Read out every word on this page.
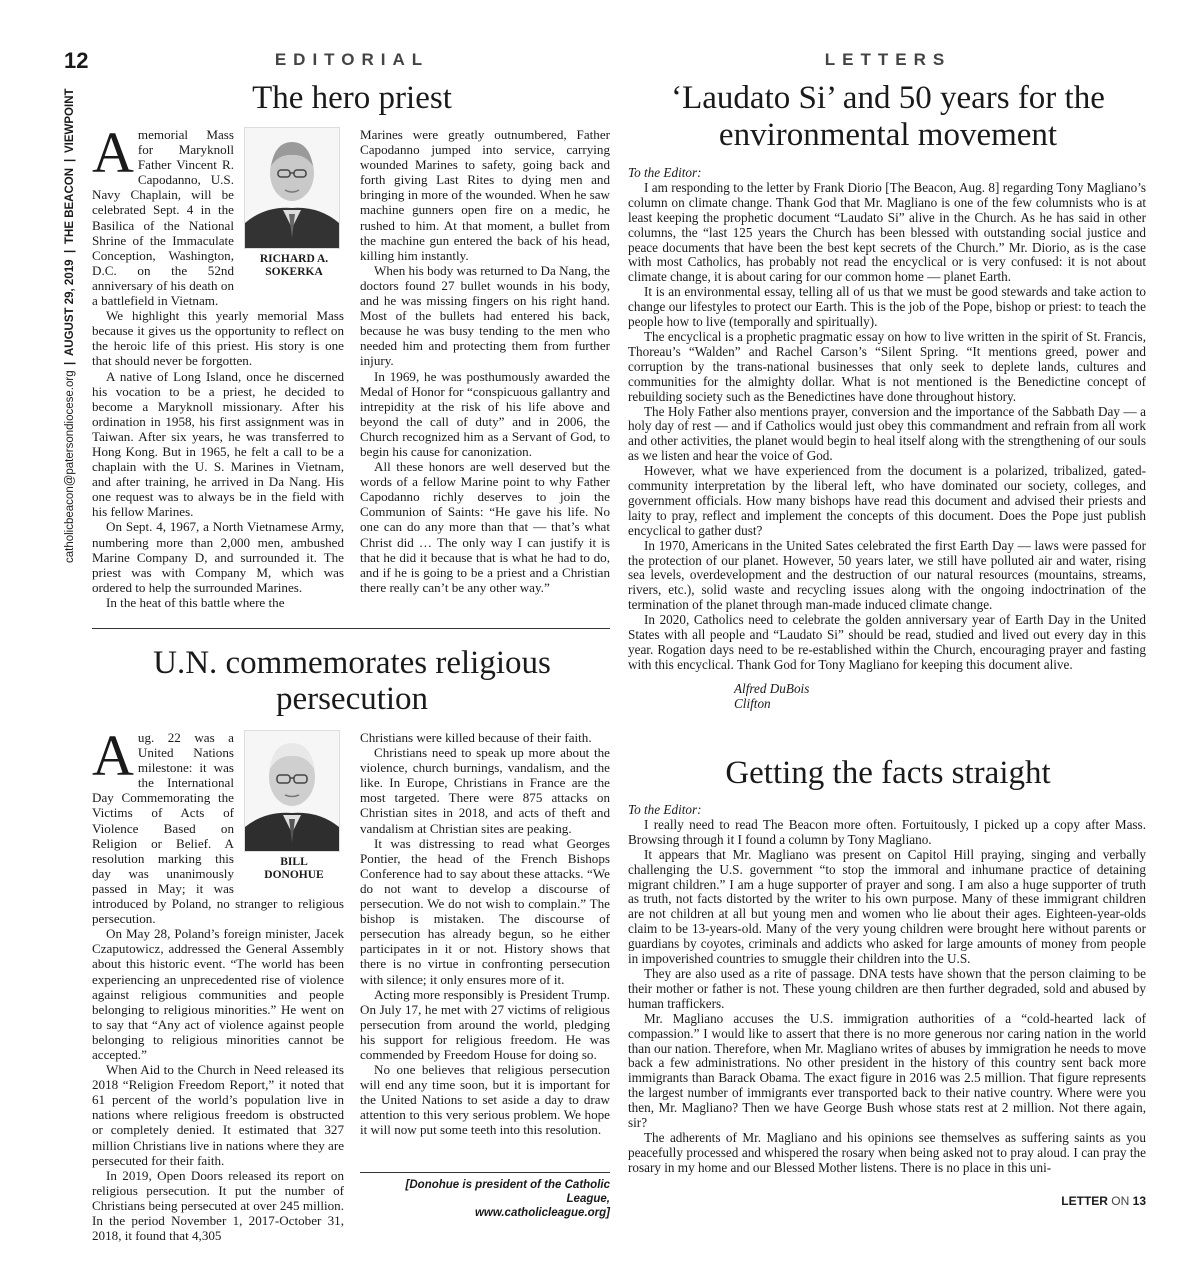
12
catholicbeacon@patersondiocese.org
|
AUGUST 29, 2019
|
THE BEACON
|
VIEWPOINT
EDITORIAL
The hero priest
RICHARD A.
SOKERKA

Amemorial Mass for Maryknoll Father Vincent R. Capodanno, U.S. Navy Chaplain, will be celebrated Sept. 4 in the Basilica of the National Shrine of the Immaculate Conception, Washington, D.C. on the 52nd anniversary of his death on a battlefield in Vietnam.

We highlight this yearly memorial Mass because it gives us the opportunity to reflect on the heroic life of this priest. His story is one that should never be forgotten.

A native of Long Island, once he discerned his vocation to be a priest, he decided to become a Maryknoll missionary. After his ordination in 1958, his first assignment was in Taiwan. After six years, he was transferred to Hong Kong. But in 1965, he felt a call to be a chaplain with the U. S. Marines in Vietnam, and after training, he arrived in Da Nang. His one request was to always be in the field with his fellow Marines.

On Sept. 4, 1967, a North Vietnamese Army, numbering more than 2,000 men, ambushed Marine Company D, and surrounded it. The priest was with Company M, which was ordered to help the surrounded Marines.

In the heat of this battle where the

Marines were greatly outnumbered, Father Capodanno jumped into service, carrying wounded Marines to safety, going back and forth giving Last Rites to dying men and bringing in more of the wounded. When he saw machine gunners open fire on a medic, he rushed to him. At that moment, a bullet from the machine gun entered the back of his head, killing him instantly.

When his body was returned to Da Nang, the doctors found 27 bullet wounds in his body, and he was missing fingers on his right hand. Most of the bullets had entered his back, because he was busy tending to the men who needed him and protecting them from further injury.

In 1969, he was posthumously awarded the Medal of Honor for “conspicuous gallantry and intrepidity at the risk of his life above and beyond the call of duty” and in 2006, the Church recognized him as a Servant of God, to begin his cause for canonization.

All these honors are well deserved but the words of a fellow Marine point to why Father Capodanno richly deserves to join the Communion of Saints: “He gave his life. No one can do any more than that — that’s what Christ did … The only way I can justify it is that he did it because that is what he had to do, and if he is going to be a priest and a Christian there really can’t be any other way.”

U.N. commemorates religious persecution
BILL
DONOHUE

Aug. 22 was a United Nations milestone: it was the International Day Commemorating the Victims of Acts of Violence Based on Religion or Belief. A resolution marking this day was unanimously passed in May; it was introduced by Poland, no stranger to religious persecution.

On May 28, Poland’s foreign minister, Jacek Czaputowicz, addressed the General Assembly about this historic event. “The world has been experiencing an unprecedented rise of violence against religious communities and people belonging to religious minorities.” He went on to say that “Any act of violence against people belonging to religious minorities cannot be accepted.”

When Aid to the Church in Need released its 2018 “Religion Freedom Report,” it noted that 61 percent of the world’s population live in nations where religious freedom is obstructed or completely denied. It estimated that 327 million Christians live in nations where they are persecuted for their faith.

In 2019, Open Doors released its report on religious persecution. It put the number of Christians being persecuted at over 245 million. In the period November 1, 2017-October 31, 2018, it found that 4,305

Christians were killed because of their faith.

Christians need to speak up more about the violence, church burnings, vandalism, and the like. In Europe, Christians in France are the most targeted. There were 875 attacks on Christian sites in 2018, and acts of theft and vandalism at Christian sites are peaking.

It was distressing to read what Georges Pontier, the head of the French Bishops Conference had to say about these attacks. “We do not want to develop a discourse of persecution. We do not wish to complain.” The bishop is mistaken. The discourse of persecution has already begun, so he either participates in it or not. History shows that there is no virtue in confronting persecution with silence; it only ensures more of it.

Acting more responsibly is President Trump. On July 17, he met with 27 victims of religious persecution from around the world, pledging his support for religious freedom. He was commended by Freedom House for doing so.

No one believes that religious persecution will end any time soon, but it is important for the United Nations to set aside a day to draw attention to this very serious problem. We hope it will now put some teeth into this resolution.

[Donohue is president of the Catholic League,
www.catholicleague.org]
LETTERS
‘Laudato Si’ and 50 years for the environmental movement

To the Editor:

I am responding to the letter by Frank Diorio [The Beacon, Aug. 8] regarding Tony Magliano’s column on climate change. Thank God that Mr. Magliano is one of the few columnists who is at least keeping the prophetic document “Laudato Si” alive in the Church. As he has said in other columns, the “last 125 years the Church has been blessed with outstanding social justice and peace documents that have been the best kept secrets of the Church.” Mr. Diorio, as is the case with most Catholics, has probably not read the encyclical or is very confused: it is not about climate change, it is about caring for our common home — planet Earth.

It is an environmental essay, telling all of us that we must be good stewards and take action to change our lifestyles to protect our Earth. This is the job of the Pope, bishop or priest: to teach the people how to live (temporally and spiritually).

The encyclical is a prophetic pragmatic essay on how to live written in the spirit of St. Francis, Thoreau’s “Walden” and Rachel Carson’s “Silent Spring. “It mentions greed, power and corruption by the trans-national businesses that only seek to deplete lands, cultures and communities for the almighty dollar. What is not mentioned is the Benedictine concept of rebuilding society such as the Benedictines have done throughout history.

The Holy Father also mentions prayer, conversion and the importance of the Sabbath Day — a holy day of rest — and if Catholics would just obey this commandment and refrain from all work and other activities, the planet would begin to heal itself along with the strengthening of our souls as we listen and hear the voice of God.

However, what we have experienced from the document is a polarized, tribalized, gated-community interpretation by the liberal left, who have dominated our society, colleges, and government officials. How many bishops have read this document and advised their priests and laity to pray, reflect and implement the concepts of this document. Does the Pope just publish encyclical to gather dust?

In 1970, Americans in the United Sates celebrated the first Earth Day — laws were passed for the protection of our planet. However, 50 years later, we still have polluted air and water, rising sea levels, overdevelopment and the destruction of our natural resources (mountains, streams, rivers, etc.), solid waste and recycling issues along with the ongoing indoctrination of the termination of the planet through man-made induced climate change.

In 2020, Catholics need to celebrate the golden anniversary year of Earth Day in the United States with all people and “Laudato Si” should be read, studied and lived out every day in this year. Rogation days need to be re-established within the Church, encouraging prayer and fasting with this encyclical. Thank God for Tony Magliano for keeping this document alive.

Alfred DuBois
Clifton
Getting the facts straight

To the Editor:

I really need to read The Beacon more often. Fortuitously, I picked up a copy after Mass. Browsing through it I found a column by Tony Magliano.

It appears that Mr. Magliano was present on Capitol Hill praying, singing and verbally challenging the U.S. government “to stop the immoral and inhumane practice of detaining migrant children.” I am a huge supporter of prayer and song. I am also a huge supporter of truth as truth, not facts distorted by the writer to his own purpose. Many of these immigrant children are not children at all but young men and women who lie about their ages. Eighteen-year-olds claim to be 13-years-old. Many of the very young children were brought here without parents or guardians by coyotes, criminals and addicts who asked for large amounts of money from people in impoverished countries to smuggle their children into the U.S.

They are also used as a rite of passage. DNA tests have shown that the person claiming to be their mother or father is not. These young children are then further degraded, sold and abused by human traffickers.

Mr. Magliano accuses the U.S. immigration authorities of a “cold-hearted lack of compassion.” I would like to assert that there is no more generous nor caring nation in the world than our nation. Therefore, when Mr. Magliano writes of abuses by immigration he needs to move back a few administrations. No other president in the history of this country sent back more immigrants than Barack Obama. The exact figure in 2016 was 2.5 million. That figure represents the largest number of immigrants ever transported back to their native country. Where were you then, Mr. Magliano? Then we have George Bush whose stats rest at 2 million. Not there again, sir?

The adherents of Mr. Magliano and his opinions see themselves as suffering saints as you peacefully processed and whispered the rosary when being asked not to pray aloud. I can pray the rosary in my home and our Blessed Mother listens. There is no place in this uni-

LETTER ON 13
